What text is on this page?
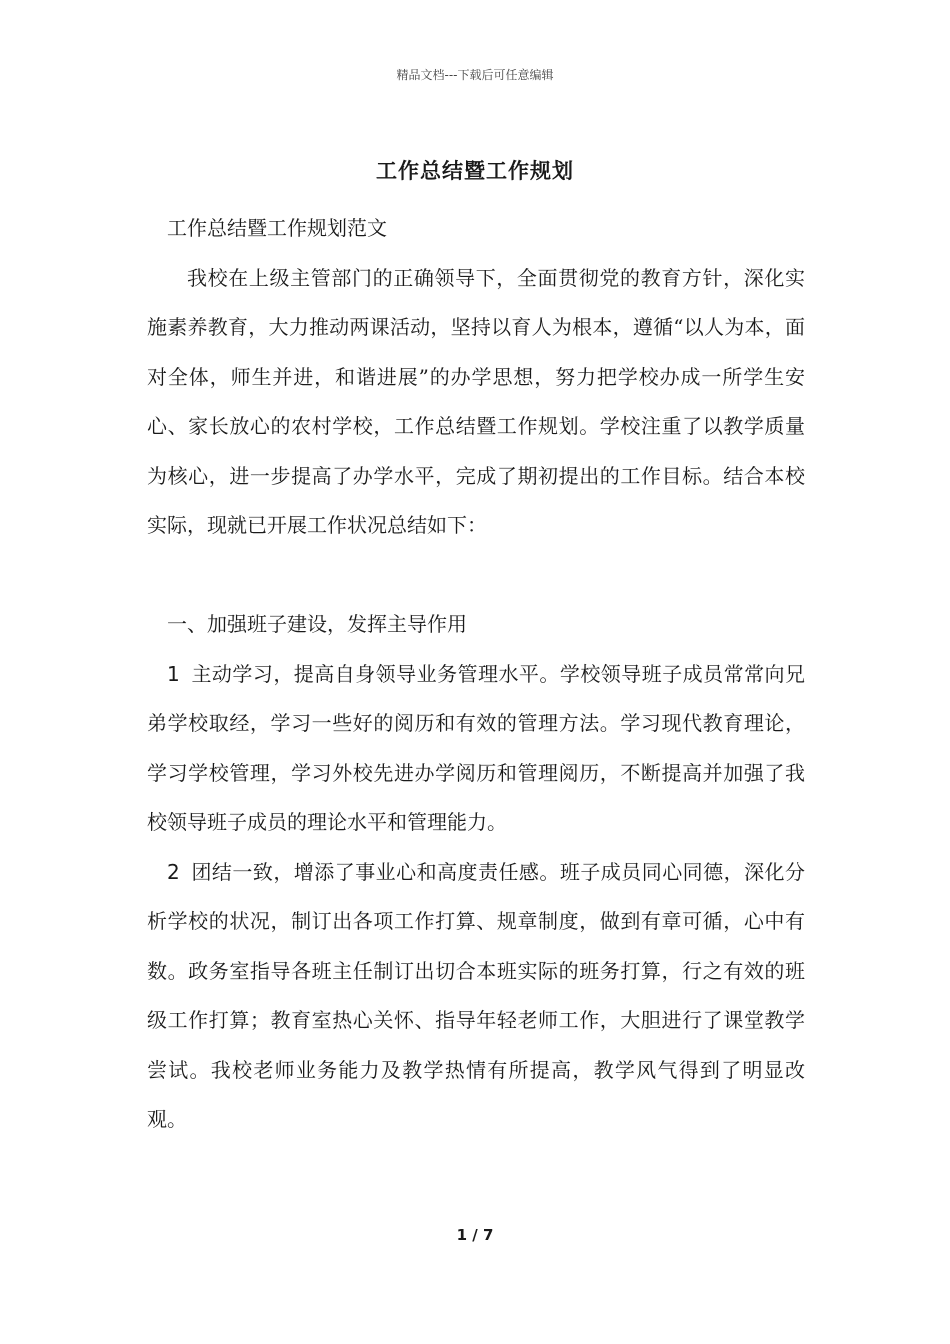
精品文档---下载后可任意编辑
工作总结暨工作规划

工作总结暨工作规划范文

我校在上级主管部门的正确领导下，全面贯彻党的教育方针，深化实施素养教育，大力推动两课活动，坚持以育人为根本，遵循“以人为本，面对全体，师生并进，和谐进展”的办学思想，努力把学校办成一所学生安心、家长放心的农村学校，工作总结暨工作规划。学校注重了以教学质量为核心，进一步提高了办学水平，完成了期初提出的工作目标。结合本校实际，现就已开展工作状况总结如下：

一、加强班子建设，发挥主导作用

1 主动学习，提高自身领导业务管理水平。学校领导班子成员常常向兄弟学校取经，学习一些好的阅历和有效的管理方法。学习现代教育理论，学习学校管理，学习外校先进办学阅历和管理阅历，不断提高并加强了我校领导班子成员的理论水平和管理能力。

2 团结一致，增添了事业心和高度责任感。班子成员同心同德，深化分析学校的状况，制订出各项工作打算、规章制度，做到有章可循，心中有数。政务室指导各班主任制订出切合本班实际的班务打算，行之有效的班级工作打算；教育室热心关怀、指导年轻老师工作，大胆进行了课堂教学尝试。我校老师业务能力及教学热情有所提高，教学风气得到了明显改观。

1 / 7
